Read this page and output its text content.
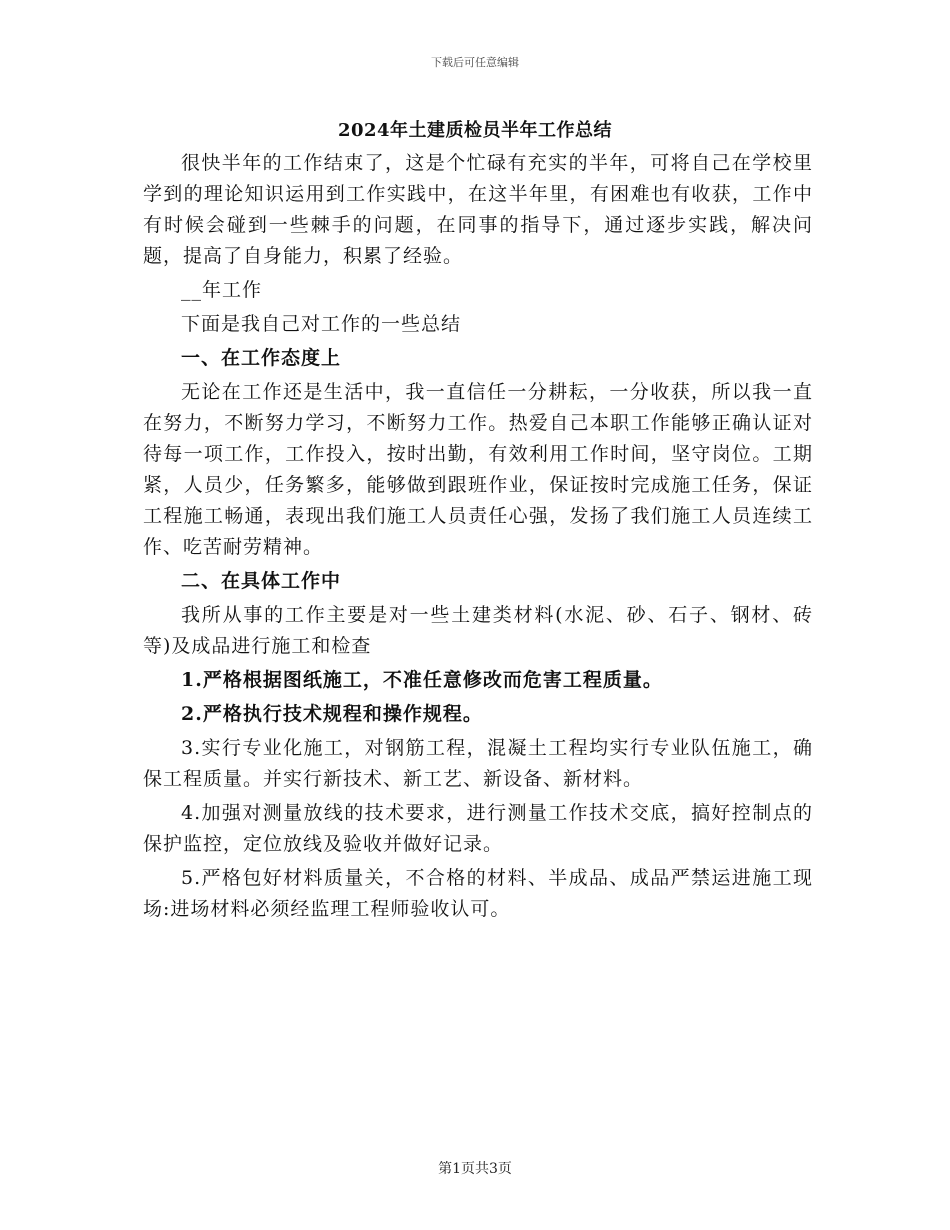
下载后可任意编辑
2024年土建质检员半年工作总结

很快半年的工作结束了，这是个忙碌有充实的半年，可将自己在学校里学到的理论知识运用到工作实践中，在这半年里，有困难也有收获，工作中有时候会碰到一些棘手的问题，在同事的指导下，通过逐步实践，解决问题，提高了自身能力，积累了经验。

__年工作

下面是我自己对工作的一些总结

一、在工作态度上

无论在工作还是生活中，我一直信任一分耕耘，一分收获，所以我一直在努力，不断努力学习，不断努力工作。热爱自己本职工作能够正确认证对待每一项工作，工作投入，按时出勤，有效利用工作时间，坚守岗位。工期紧，人员少，任务繁多，能够做到跟班作业，保证按时完成施工任务，保证工程施工畅通，表现出我们施工人员责任心强，发扬了我们施工人员连续工作、吃苦耐劳精神。

二、在具体工作中

我所从事的工作主要是对一些土建类材料(水泥、砂、石子、钢材、砖等)及成品进行施工和检查

1.严格根据图纸施工，不准任意修改而危害工程质量。

2.严格执行技术规程和操作规程。

3.实行专业化施工，对钢筋工程，混凝土工程均实行专业队伍施工，确保工程质量。并实行新技术、新工艺、新设备、新材料。

4.加强对测量放线的技术要求，进行测量工作技术交底，搞好控制点的保护监控，定位放线及验收并做好记录。

5.严格包好材料质量关，不合格的材料、半成品、成品严禁运进施工现场:进场材料必须经监理工程师验收认可。

第1页共3页
